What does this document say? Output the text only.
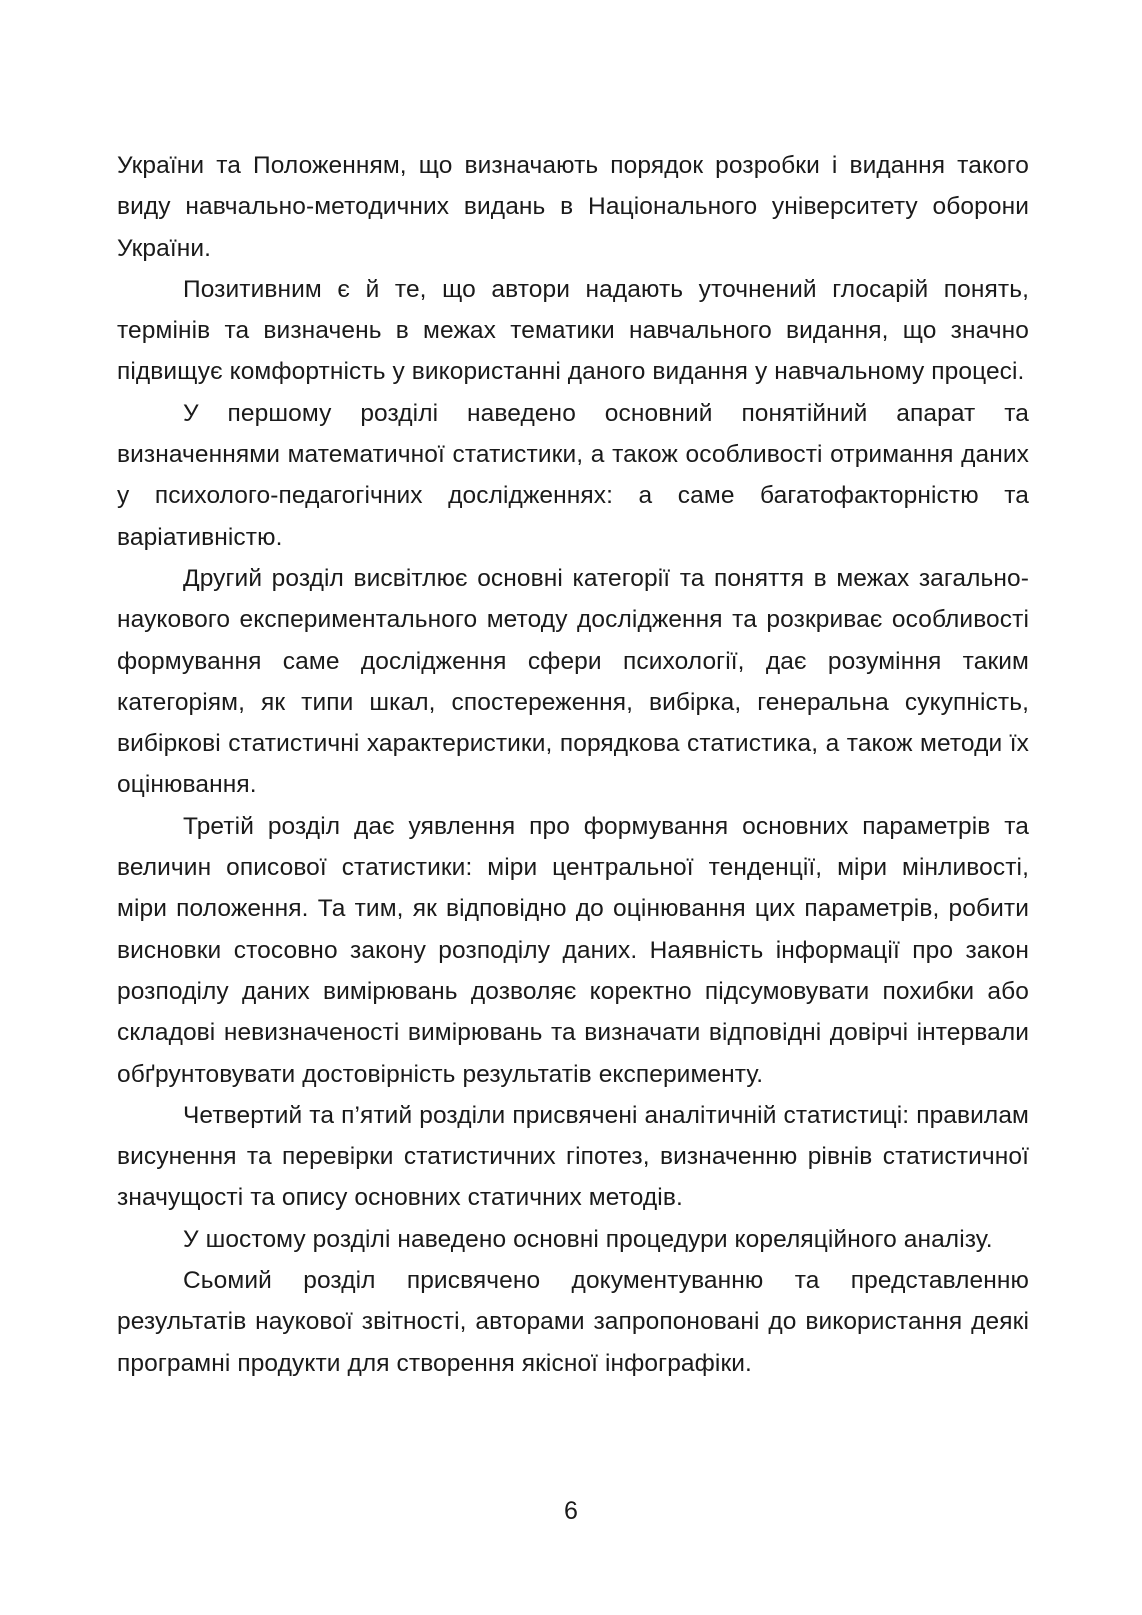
України та Положенням, що визначають порядок розробки і видання такого виду навчально-методичних видань в Національного університету оборони України.

Позитивним є й те, що автори надають уточнений глосарій понять, термінів та визначень в межах тематики навчального видання, що значно підвищує комфортність у використанні даного видання у навчальному процесі.

У першому розділі наведено основний понятійний апарат та визначеннями математичної статистики, а також особливості отримання даних у психолого-педагогічних дослідженнях: а саме багатофакторністю та варіативністю.

Другий розділ висвітлює основні категорії та поняття в межах загально-наукового експериментального методу дослідження та розкриває особливості формування саме дослідження сфери психології, дає розуміння таким категоріям, як типи шкал, спостереження, вибірка, генеральна сукупність, вибіркові статистичні характеристики, порядкова статистика, а також методи їх оцінювання.

Третій розділ дає уявлення про формування основних параметрів та величин описової статистики: міри центральної тенденції, міри мінливості, міри положення. Та тим, як відповідно до оцінювання цих параметрів, робити висновки стосовно закону розподілу даних. Наявність інформації про закон розподілу даних вимірювань дозволяє коректно підсумовувати похибки або складові невизначеності вимірювань та визначати відповідні довірчі інтервали обґрунтовувати достовірність результатів експерименту.

Четвертий та п’ятий розділи присвячені аналітичній статистиці: правилам висунення та перевірки статистичних гіпотез, визначенню рівнів статистичної значущості та опису основних статичних методів.

У шостому розділі наведено основні процедури кореляційного аналізу.

Сьомий розділ присвячено документуванню та представленню результатів наукової звітності, авторами запропоновані до використання деякі програмні продукти для створення якісної інфографіки.

6
